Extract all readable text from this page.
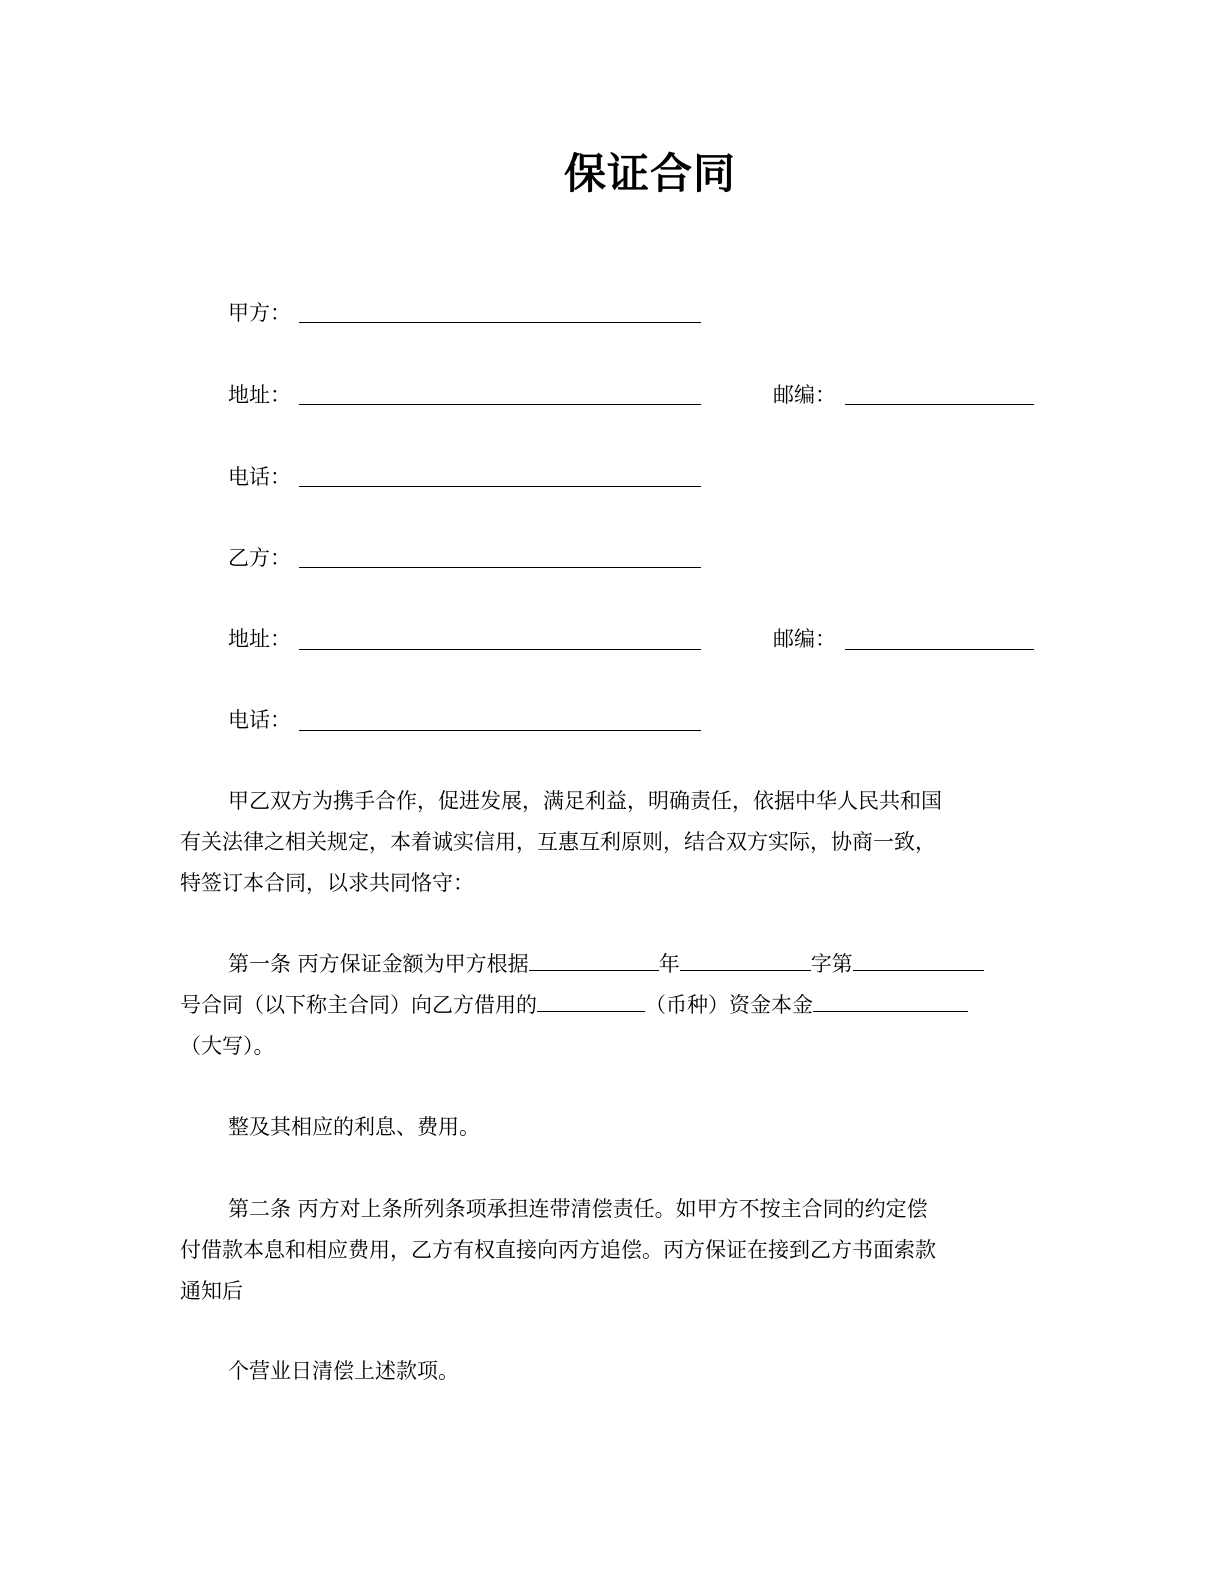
保证合同
甲方：
地址：	邮编：
电话：
乙方：
地址：	邮编：
电话：
甲乙双方为携手合作，促进发展，满足利益，明确责任，依据中华人民共和国
有关法律之相关规定，本着诚实信用，互惠互利原则，结合双方实际，协商一致，
特签订本合同，以求共同恪守：
第一条 丙方保证金额为甲方根据	年	字第
号合同（以下称主合同）向乙方借用的	（币种）资金本金
（大写）。
整及其相应的利息、费用。
第二条 丙方对上条所列条项承担连带清偿责任。如甲方不按主合同的约定偿
付借款本息和相应费用，乙方有权直接向丙方追偿。丙方保证在接到乙方书面索款
通知后
个营业日清偿上述款项。
